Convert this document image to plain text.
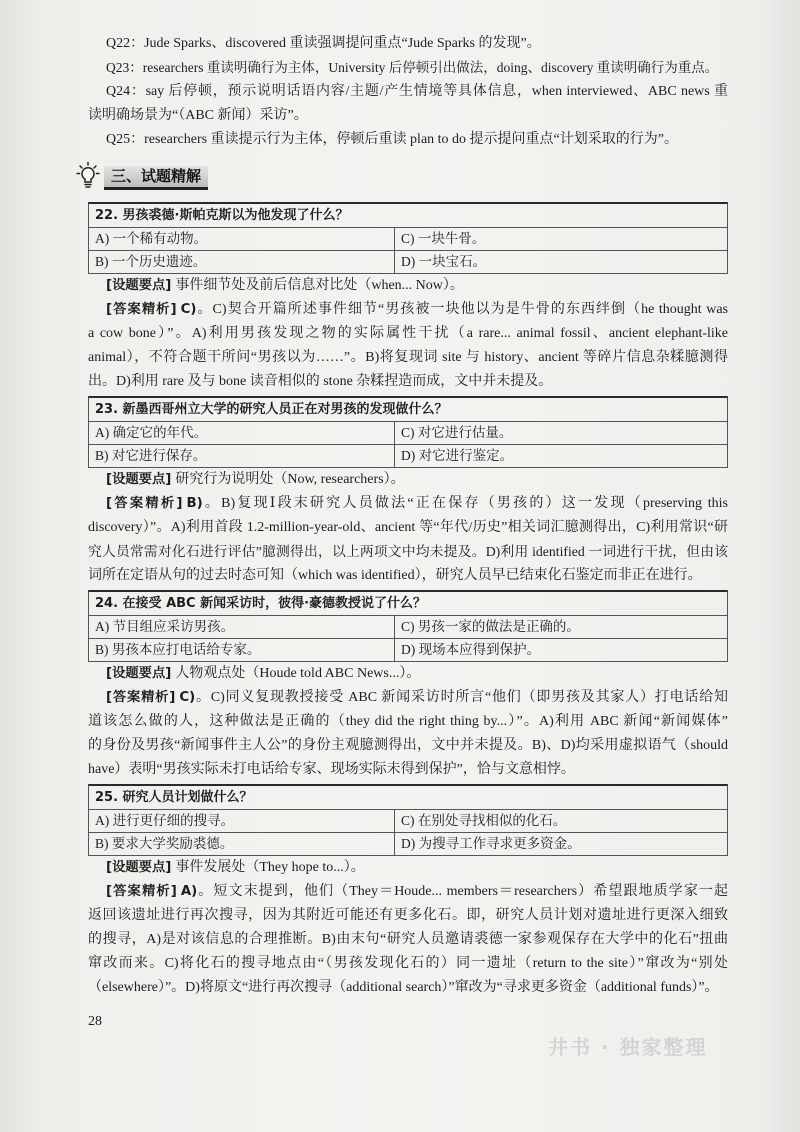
Q22：Jude Sparks、discovered 重读强调提问重点“Jude Sparks 的发现”。
Q23：researchers 重读明确行为主体，University 后停顿引出做法，doing、discovery 重读明确行为重点。
Q24：say 后停顿，预示说明话语内容/主题/产生情境等具体信息，when interviewed、ABC news 重
读明确场景为“（ABC 新闻）采访”。
Q25：researchers 重读提示行为主体，停顿后重读 plan to do 提示提问重点“计划采取的行为”。
三、试题精解
22. 男孩裘德·斯帕克斯以为他发现了什么？
A) 一个稀有动物。	C) 一块牛骨。
B) 一个历史遗迹。	D) 一块宝石。
[设题要点] 事件细节处及前后信息对比处（when... Now）。
[答案精析] C)。C)契合开篇所述事件细节“男孩被一块他以为是牛骨的东西绊倒（he thought was
a cow bone）”。A)利用男孩发现之物的实际属性干扰（a rare... animal fossil、ancient elephant-like
animal），不符合题干所问“男孩以为……”。B)将复现词 site 与 history、ancient 等碎片信息杂糅臆测得
出。D)利用 rare 及与 bone 读音相似的 stone 杂糅捏造而成，文中并未提及。
23. 新墨西哥州立大学的研究人员正在对男孩的发现做什么？
A) 确定它的年代。	C) 对它进行估量。
B) 对它进行保存。	D) 对它进行鉴定。
[设题要点] 研究行为说明处（Now, researchers）。
[答案精析] B)。B)复现Ⅰ段末研究人员做法“正在保存（男孩的）这一发现（preserving this
discovery）”。A)利用首段 1.2-million-year-old、ancient 等“年代/历史”相关词汇臆测得出，C)利用常识“研
究人员常需对化石进行评估”臆测得出，以上两项文中均未提及。D)利用 identified 一词进行干扰，但由该
词所在定语从句的过去时态可知（which was identified），研究人员早已结束化石鉴定而非正在进行。
24. 在接受 ABC 新闻采访时，彼得·豪德教授说了什么？
A) 节目组应采访男孩。	C) 男孩一家的做法是正确的。
B) 男孩本应打电话给专家。	D) 现场本应得到保护。
[设题要点] 人物观点处（Houde told ABC News...）。
[答案精析] C)。C)同义复现教授接受 ABC 新闻采访时所言“他们（即男孩及其家人）打电话给知
道该怎么做的人，这种做法是正确的（they did the right thing by...）”。A)利用 ABC 新闻“新闻媒体”
的身份及男孩“新闻事件主人公”的身份主观臆测得出，文中并未提及。B)、D)均采用虚拟语气（should
have）表明“男孩实际未打电话给专家、现场实际未得到保护”，恰与文意相悖。
25. 研究人员计划做什么？
A) 进行更仔细的搜寻。	C) 在别处寻找相似的化石。
B) 要求大学奖励裘德。	D) 为搜寻工作寻求更多资金。
[设题要点] 事件发展处（They hope to...）。
[答案精析] A)。短文末提到，他们（They＝Houde... members＝researchers）希望跟地质学家一起
返回该遗址进行再次搜寻，因为其附近可能还有更多化石。即，研究人员计划对遗址进行更深入细致
的搜寻，A)是对该信息的合理推断。B)由末句“研究人员邀请裘德一家参观保存在大学中的化石”扭曲
窜改而来。C)将化石的搜寻地点由“（男孩发现化石的）同一遗址（return to the site）”窜改为“别处
（elsewhere）”。D)将原文“进行再次搜寻（additional search）”窜改为“寻求更多资金（additional funds）”。
28
井书 · 独家整理
